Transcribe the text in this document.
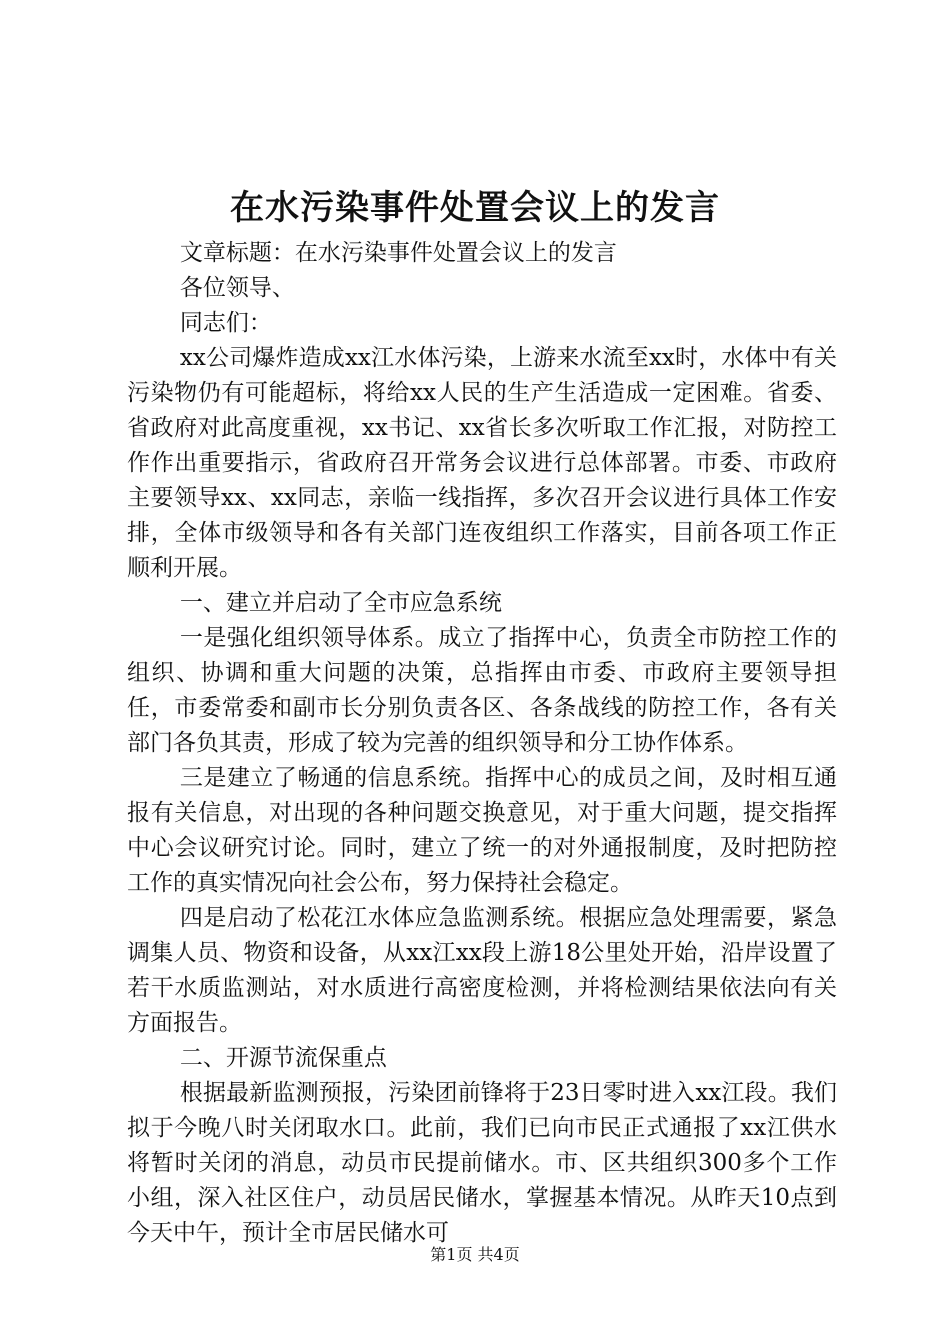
在水污染事件处置会议上的发言

文章标题：在水污染事件处置会议上的发言

各位领导、

同志们：

xx公司爆炸造成xx江水体污染，上游来水流至xx时，水体中有关污染物仍有可能超标，将给xx人民的生产生活造成一定困难。省委、省政府对此高度重视，xx书记、xx省长多次听取工作汇报，对防控工作作出重要指示，省政府召开常务会议进行总体部署。市委、市政府主要领导xx、xx同志，亲临一线指挥，多次召开会议进行具体工作安排，全体市级领导和各有关部门连夜组织工作落实，目前各项工作正顺利开展。

一、建立并启动了全市应急系统

一是强化组织领导体系。成立了指挥中心，负责全市防控工作的组织、协调和重大问题的决策，总指挥由市委、市政府主要领导担任，市委常委和副市长分别负责各区、各条战线的防控工作，各有关部门各负其责，形成了较为完善的组织领导和分工协作体系。

三是建立了畅通的信息系统。指挥中心的成员之间，及时相互通报有关信息，对出现的各种问题交换意见，对于重大问题，提交指挥中心会议研究讨论。同时，建立了统一的对外通报制度，及时把防控工作的真实情况向社会公布，努力保持社会稳定。

四是启动了松花江水体应急监测系统。根据应急处理需要，紧急调集人员、物资和设备，从xx江xx段上游18公里处开始，沿岸设置了若干水质监测站，对水质进行高密度检测，并将检测结果依法向有关方面报告。

二、开源节流保重点

根据最新监测预报，污染团前锋将于23日零时进入xx江段。我们拟于今晚八时关闭取水口。此前，我们已向市民正式通报了xx江供水将暂时关闭的消息，动员市民提前储水。市、区共组织300多个工作小组，深入社区住户，动员居民储水，掌握基本情况。从昨天10点到今天中午，预计全市居民储水可

第1页 共4页
